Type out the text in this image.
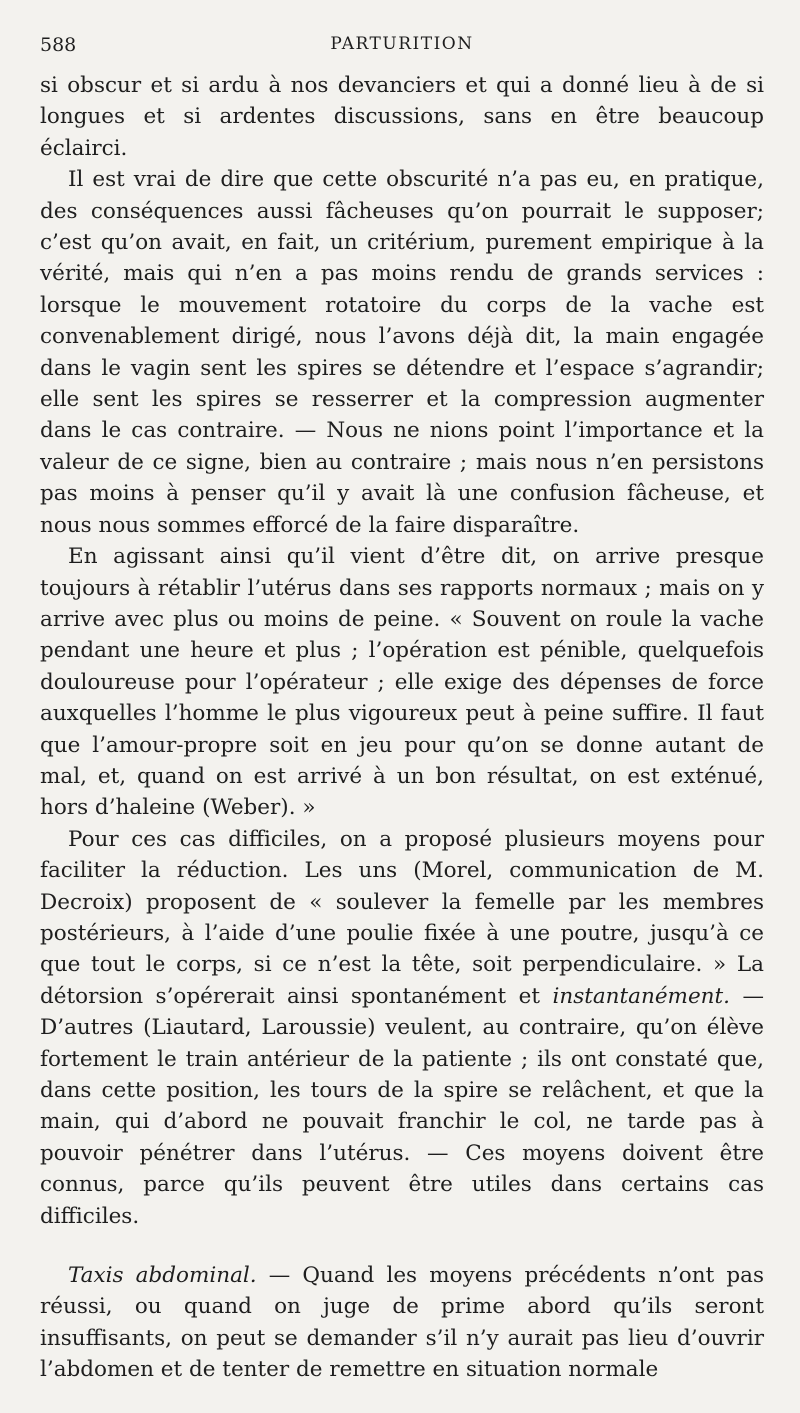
588	PARTURITION

si obscur et si ardu à nos devanciers et qui a donné lieu à de si longues et si ardentes discussions, sans en être beaucoup éclairci.

Il est vrai de dire que cette obscurité n’a pas eu, en pratique, des conséquences aussi fâcheuses qu’on pourrait le supposer; c’est qu’on avait, en fait, un critérium, purement empirique à la vérité, mais qui n’en a pas moins rendu de grands services : lorsque le mouvement rotatoire du corps de la vache est convenablement dirigé, nous l’avons déjà dit, la main engagée dans le vagin sent les spires se détendre et l’espace s’agrandir; elle sent les spires se resserrer et la compression augmenter dans le cas contraire. — Nous ne nions point l’importance et la valeur de ce signe, bien au contraire ; mais nous n’en persistons pas moins à penser qu’il y avait là une confusion fâcheuse, et nous nous sommes efforcé de la faire disparaître.

En agissant ainsi qu’il vient d’être dit, on arrive presque toujours à rétablir l’utérus dans ses rapports normaux ; mais on y arrive avec plus ou moins de peine. « Souvent on roule la vache pendant une heure et plus ; l’opération est pénible, quelquefois douloureuse pour l’opérateur ; elle exige des dépenses de force auxquelles l’homme le plus vigoureux peut à peine suffire. Il faut que l’amour-propre soit en jeu pour qu’on se donne autant de mal, et, quand on est arrivé à un bon résultat, on est exténué, hors d’haleine (Weber). »

Pour ces cas difficiles, on a proposé plusieurs moyens pour faciliter la réduction. Les uns (Morel, communication de M. Decroix) proposent de « soulever la femelle par les membres postérieurs, à l’aide d’une poulie fixée à une poutre, jusqu’à ce que tout le corps, si ce n’est la tête, soit perpendiculaire. » La détorsion s’opérerait ainsi spontanément et instantanément. — D’autres (Liautard, Laroussie) veulent, au contraire, qu’on élève fortement le train antérieur de la patiente ; ils ont constaté que, dans cette position, les tours de la spire se relâchent, et que la main, qui d’abord ne pouvait franchir le col, ne tarde pas à pouvoir pénétrer dans l’utérus. — Ces moyens doivent être connus, parce qu’ils peuvent être utiles dans certains cas difficiles.

Taxis abdominal. — Quand les moyens précédents n’ont pas réussi, ou quand on juge de prime abord qu’ils seront insuffisants, on peut se demander s’il n’y aurait pas lieu d’ouvrir l’abdomen et de tenter de remettre en situation normale
